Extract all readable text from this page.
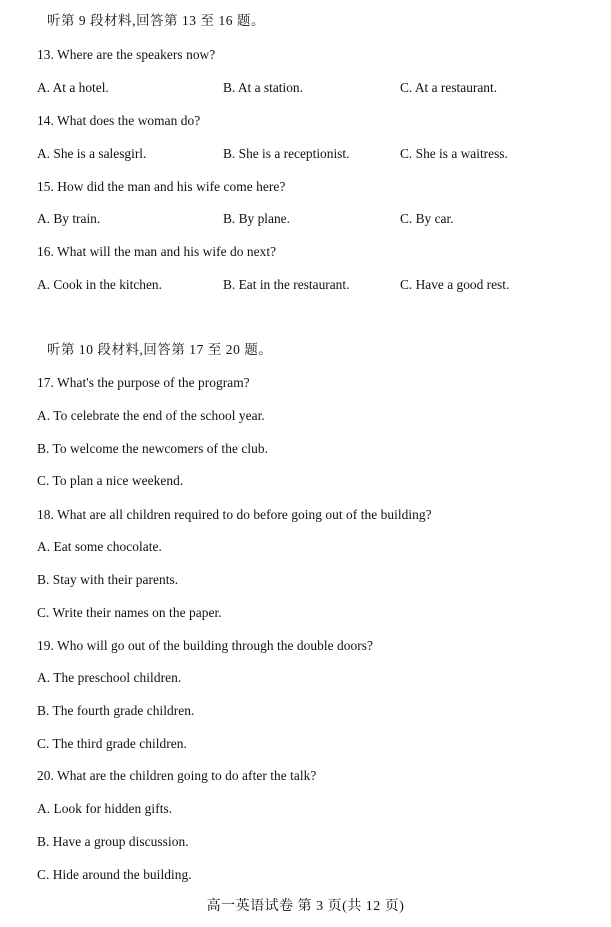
听第 9 段材料,回答第 13 至 16 题。
13. Where are the speakers now?
A. At a hotel.	B. At a station.	C. At a restaurant.
14. What does the woman do?
A. She is a salesgirl.	B. She is a receptionist.	C. She is a waitress.
15. How did the man and his wife come here?
A. By train.	B. By plane.	C. By car.
16. What will the man and his wife do next?
A. Cook in the kitchen.	B. Eat in the restaurant.	C. Have a good rest.
听第 10 段材料,回答第 17 至 20 题。
17. What's the purpose of the program?
A. To celebrate the end of the school year.
B. To welcome the newcomers of the club.
C. To plan a nice weekend.
18. What are all children required to do before going out of the building?
A. Eat some chocolate.
B. Stay with their parents.
C. Write their names on the paper.
19. Who will go out of the building through the double doors?
A. The preschool children.
B. The fourth grade children.
C. The third grade children.
20. What are the children going to do after the talk?
A. Look for hidden gifts.
B. Have a group discussion.
C. Hide around the building.
高一英语试卷 第 3 页(共 12 页)
